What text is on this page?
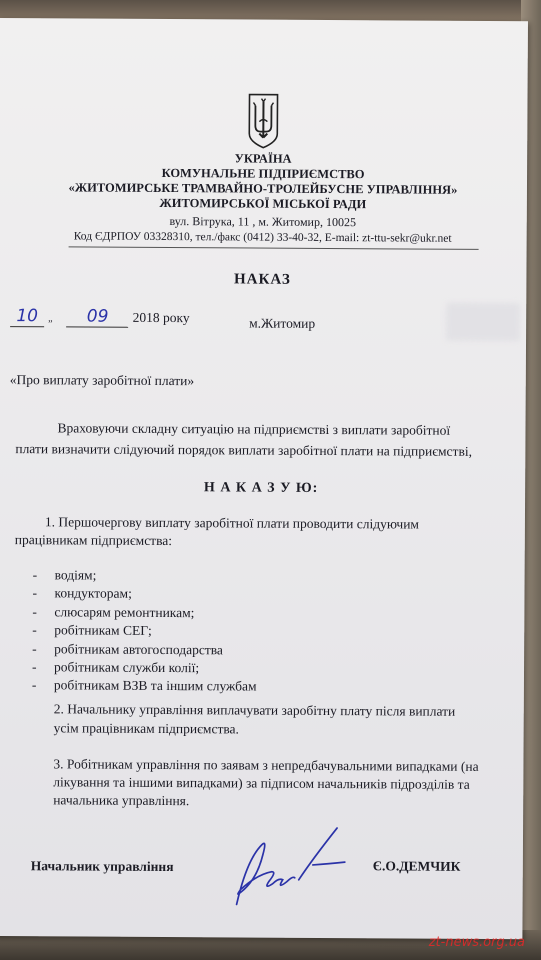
УКРАЇНА
КОМУНАЛЬНЕ ПІДПРИЄМСТВО
«ЖИТОМИРСЬКЕ ТРАМВАЙНО-ТРОЛЕЙБУСНЕ УПРАВЛІННЯ»
ЖИТОМИРСЬКОЇ МІСЬКОЇ РАДИ
вул. Вітрука, 11 , м. Житомир, 10025
Код ЄДРПОУ 03328310, тел./факс (0412) 33-40-32, E-mail: zt-ttu-sekr@ukr.net
НАКАЗ
10 „ 09 2018 року	м.Житомир
«Про виплату заробітної плати»
Враховуючи складну ситуацію на підприємстві з виплати заробітної
плати визначити слідуючий порядок виплати заробітної плати на підприємстві,
Н А К А З У Ю:
1. Першочергову виплату заробітної плати проводити слідуючим
працівникам підприємства:
- водіям;
- кондукторам;
- слюсарям ремонтникам;
- робітникам СЕГ;
- робітникам автогосподарства
- робітникам служби колії;
- робітникам ВЗВ та іншим службам
2. Начальнику управління виплачувати заробітну плату після виплати
усім працівникам підприємства.
3. Робітникам управління по заявам з непредбачувальними випадками (на
лікування та іншими випадками) за підписом начальників підрозділів та
начальника управління.
Начальник управління	Є.О.ДЕМЧИК
zt-news.org.ua
